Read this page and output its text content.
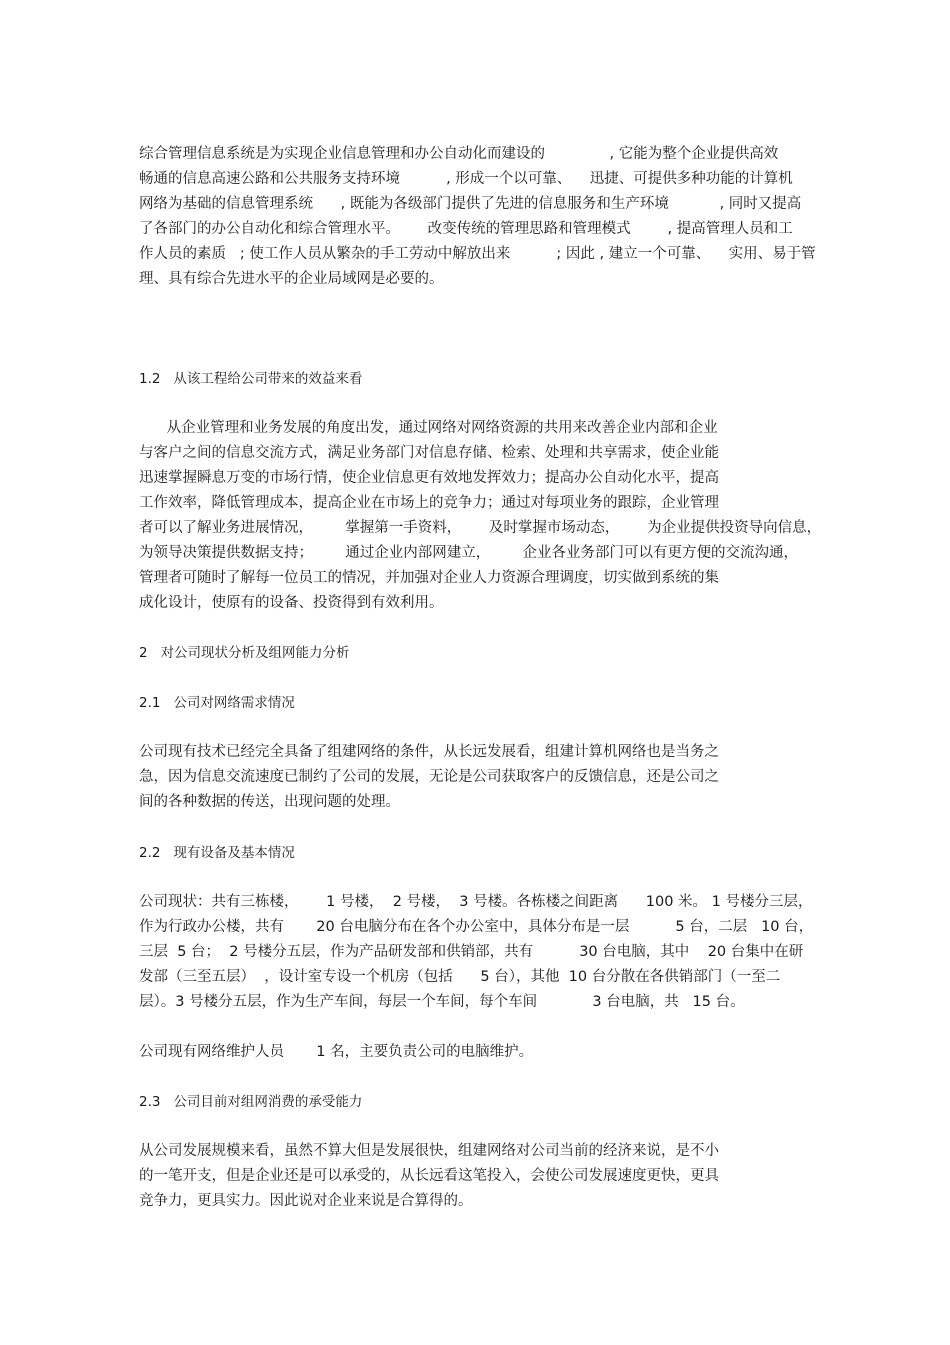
综合管理信息系统是为实现企业信息管理和办公自动化而建设的              , 它能为整个企业提供高效
畅通的信息高速公路和公共服务支持环境          , 形成一个以可靠、    迅捷、可提供多种功能的计算机
网络为基础的信息管理系统      , 既能为各级部门提供了先进的信息服务和生产环境           , 同时又提高
了各部门的办公自动化和综合管理水平。      改变传统的管理思路和管理模式        , 提高管理人员和工
作人员的素质   ; 使工作人员从繁杂的手工劳动中解放出来          ; 因此 , 建立一个可靠、    实用、易于管
理、具有综合先进水平的企业局域网是必要的。
1.2   从该工程给公司带来的效益来看
从企业管理和业务发展的角度出发，通过网络对网络资源的共用来改善企业内部和企业
与客户之间的信息交流方式，满足业务部门对信息存储、检索、处理和共享需求，使企业能
迅速掌握瞬息万变的市场行情，使企业信息更有效地发挥效力；提高办公自动化水平，提高
工作效率，降低管理成本，提高企业在市场上的竞争力；通过对每项业务的跟踪，企业管理
者可以了解业务进展情况，       掌握第一手资料，      及时掌握市场动态，      为企业提供投资导向信息，
为领导决策提供数据支持；       通过企业内部网建立，       企业各业务部门可以有更方便的交流沟通，
管理者可随时了解每一位员工的情况，并加强对企业人力资源合理调度，切实做到系统的集
成化设计，使原有的设备、投资得到有效利用。
2   对公司现状分析及组网能力分析
2.1   公司对网络需求情况
公司现有技术已经完全具备了组建网络的条件，从长远发展看，组建计算机网络也是当务之
急，因为信息交流速度已制约了公司的发展，无论是公司获取客户的反馈信息，还是公司之
间的各种数据的传送，出现问题的处理。
2.2   现有设备及基本情况
公司现状：共有三栋楼，      1 号楼，  2 号楼，  3 号楼。各栋楼之间距离      100 米。 1 号楼分三层，
作为行政办公楼，共有       20 台电脑分布在各个办公室中，具体分布是一层          5 台，二层   10 台，
三层  5 台；  2 号楼分五层，作为产品研发部和供销部，共有          30 台电脑，其中    20 台集中在研
发部（三至五层）  ，设计室专设一个机房（包括      5 台），其他  10 台分散在各供销部门（一至二
层）。3 号楼分五层，作为生产车间，每层一个车间，每个车间            3 台电脑，共   15 台。
公司现有网络维护人员       1 名，主要负责公司的电脑维护。
2.3   公司目前对组网消费的承受能力
从公司发展规模来看，虽然不算大但是发展很快，组建网络对公司当前的经济来说，是不小
的一笔开支，但是企业还是可以承受的，从长远看这笔投入，会使公司发展速度更快，更具
竞争力，更具实力。因此说对企业来说是合算得的。
